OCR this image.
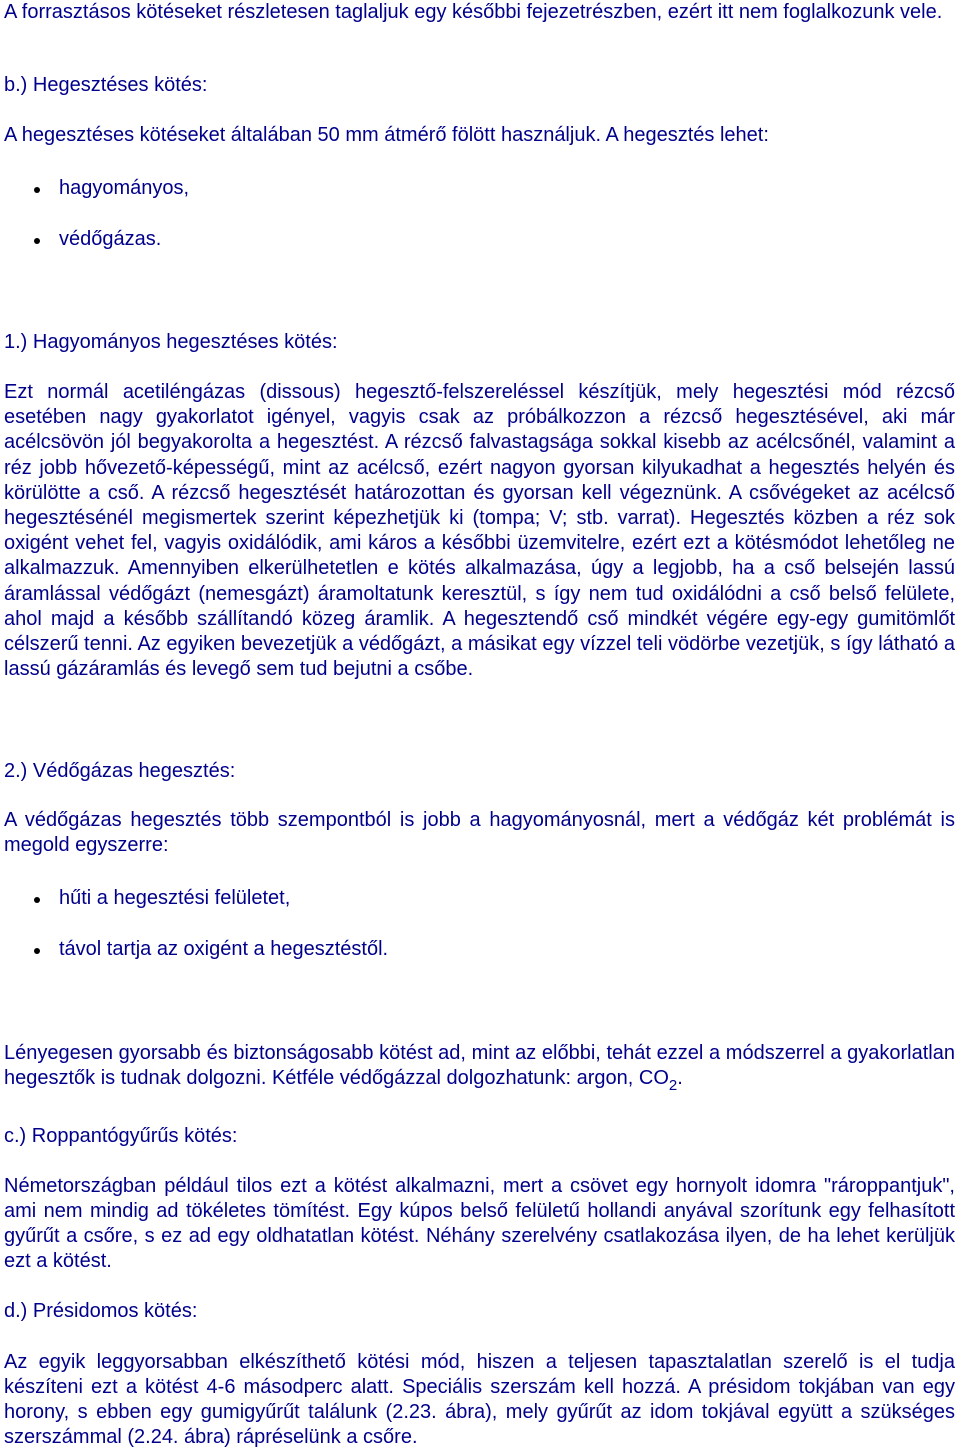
A forrasztásos kötéseket részletesen taglaljuk egy későbbi fejezetrészben, ezért itt nem foglalkozunk vele.

b.) Hegesztéses kötés:
A hegesztéses kötéseket általában 50 mm átmérő fölött használjuk. A hegesztés lehet:
hagyományos,
védőgázas.
1.) Hagyományos hegesztéses kötés:

Ezt normál acetiléngázas (dissous) hegesztő-felszereléssel készítjük, mely hegesztési mód rézcső esetében nagy gyakorlatot igényel, vagyis csak az próbálkozzon a rézcső hegesztésével, aki már acélcsövön jól begyakorolta a hegesztést. A rézcső falvastagsága sokkal kisebb az acélcsőnél, valamint a réz jobb hővezető-képességű, mint az acélcső, ezért nagyon gyorsan kilyukadhat a hegesztés helyén és körülötte a cső. A rézcső hegesztését határozottan és gyorsan kell végeznünk. A csővégeket az acélcső hegesztésénél megismertek szerint képezhetjük ki (tompa; V; stb. varrat). Hegesztés közben a réz sok oxigént vehet fel, vagyis oxidálódik, ami káros a későbbi üzemvitelre, ezért ezt a kötésmódot lehetőleg ne alkalmazzuk. Amennyiben elkerülhetetlen e kötés alkalmazása, úgy a legjobb, ha a cső belsején lassú áramlással védőgázt (nemesgázt) áramoltatunk keresztül, s így nem tud oxidálódni a cső belső felülete, ahol majd a később szállítandó közeg áramlik. A hegesztendő cső mindkét végére egy-egy gumitömlőt célszerű tenni. Az egyiken bevezetjük a védőgázt, a másikat egy vízzel teli vödörbe vezetjük, s így látható a lassú gázáramlás és levegő sem tud bejutni a csőbe.

2.) Védőgázas hegesztés:

A védőgázas hegesztés több szempontból is jobb a hagyományosnál, mert a védőgáz két problémát is megold egyszerre:

hűti a hegesztési felületet,
távol tartja az oxigént a hegesztéstől.

Lényegesen gyorsabb és biztonságosabb kötést ad, mint az előbbi, tehát ezzel a módszerrel a gyakorlatlan hegesztők is tudnak dolgozni. Kétféle védőgázzal dolgozhatunk: argon, $CO_2$.

c.) Roppantógyűrűs kötés:

Németországban például tilos ezt a kötést alkalmazni, mert a csövet egy hornyolt idomra "rároppantjuk", ami nem mindig ad tökéletes tömítést. Egy kúpos belső felületű hollandi anyával szorítunk egy felhasított gyűrűt a csőre, s ez ad egy oldhatatlan kötést. Néhány szerelvény csatlakozása ilyen, de ha lehet kerüljük ezt a kötést.

d.) Présidomos kötés:

Az egyik leggyorsabban elkészíthető kötési mód, hiszen a teljesen tapasztalatlan szerelő is el tudja készíteni ezt a kötést 4-6 másodperc alatt. Speciális szerszám kell hozzá. A présidom tokjában van egy horony, s ebben egy gumigyűrűt találunk (2.23. ábra), mely gyűrűt az idom tokjával együtt a szükséges szerszámmal (2.24. ábra) rápréselünk a csőre.
